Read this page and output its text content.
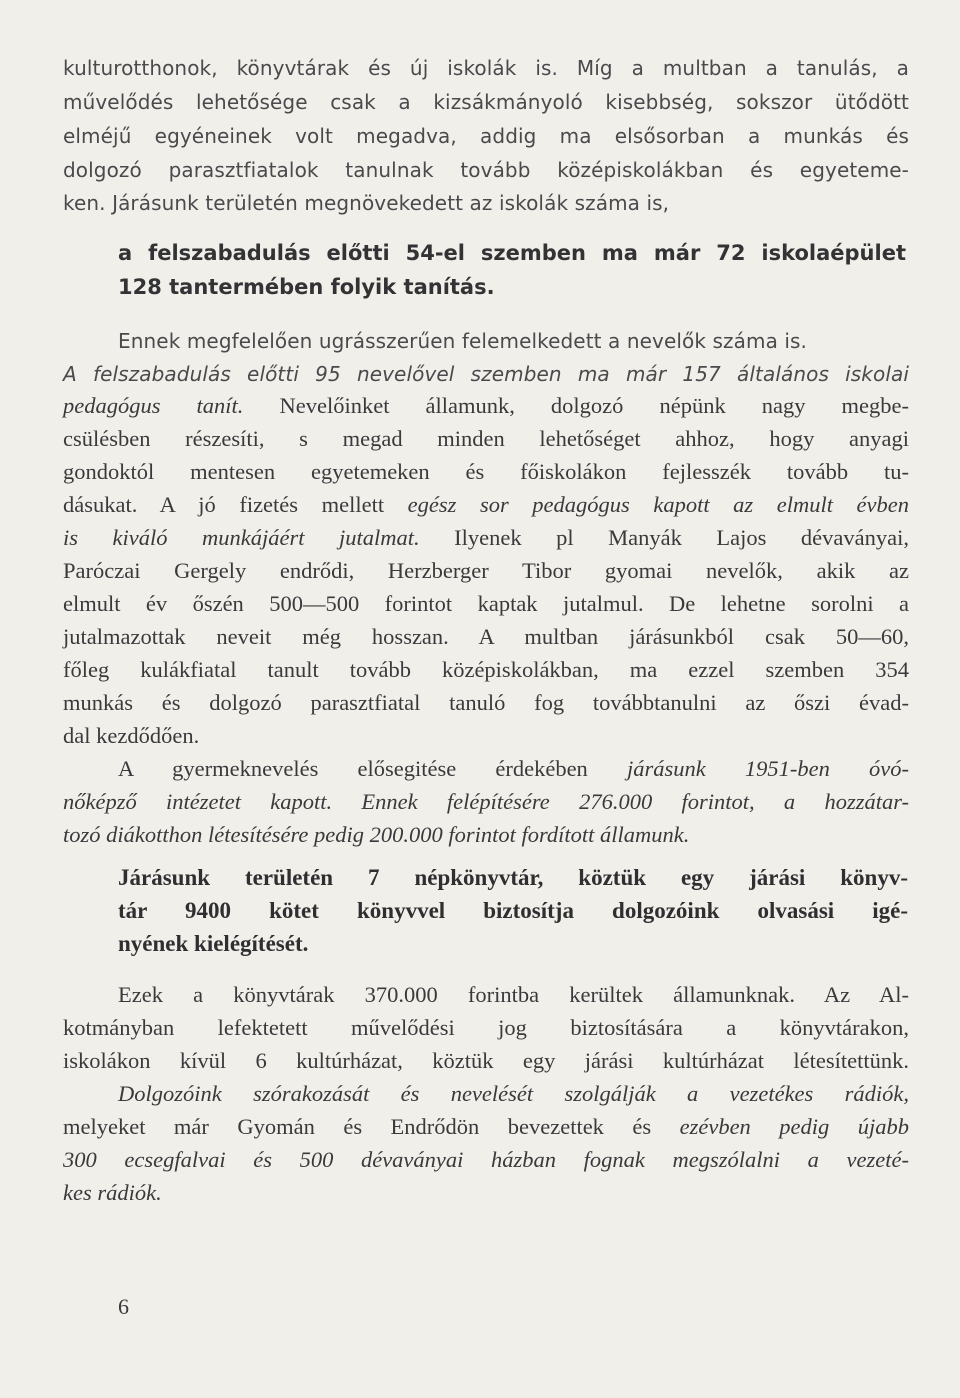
kulturotthonok, könyvtárak és új iskolák is. Míg a multban a tanulás, a

művelődés lehetősége csak a kizsákmányoló kisebbség, sokszor ütődött

elméjű egyéneinek volt megadva, addig ma elsősorban a munkás és

dolgozó parasztfiatalok tanulnak tovább középiskolákban és egyeteme-

ken. Járásunk területén megnövekedett az iskolák száma is,

a felszabadulás előtti 54-el szemben ma már 72 iskolaépület

128 tantermében folyik tanítás.

Ennek megfelelően ugrásszerűen felemelkedett a nevelők száma is.

A felszabadulás előtti 95 nevelővel szemben ma már 157 általános iskolai

pedagógus tanít. Nevelőinket államunk, dolgozó népünk nagy megbe-

csülésben részesíti, s megad minden lehetőséget ahhoz, hogy anyagi

gondoktól mentesen egyetemeken és főiskolákon fejlesszék tovább tu-

dásukat. A jó fizetés mellett egész sor pedagógus kapott az elmult évben

is kiváló munkájáért jutalmat. Ilyenek pl Manyák Lajos dévaványai,

Paróczai Gergely endrődi, Herzberger Tibor gyomai nevelők, akik az

elmult év őszén 500—500 forintot kaptak jutalmul. De lehetne sorolni a

jutalmazottak neveit még hosszan. A multban járásunkból csak 50—60,

főleg kulákfiatal tanult tovább középiskolákban, ma ezzel szemben 354

munkás és dolgozó parasztfiatal tanuló fog továbbtanulni az őszi évad-

dal kezdődően.

A gyermeknevelés elősegitése érdekében járásunk 1951-ben óvó-

nőképző intézetet kapott. Ennek felépítésére 276.000 forintot, a hozzátar-

tozó diákotthon létesítésére pedig 200.000 forintot fordított államunk.

Járásunk területén 7 népkönyvtár, köztük egy járási könyv-

tár 9400 kötet könyvvel biztosítja dolgozóink olvasási igé-

nyének kielégítését.

Ezek a könyvtárak 370.000 forintba kerültek államunknak. Az Al-

kotmányban lefektetett művelődési jog biztosítására a könyvtárakon,

iskolákon kívül 6 kultúrházat, köztük egy járási kultúrházat létesítettünk.

Dolgozóink szórakozását és nevelését szolgálják a vezetékes rádiók,

melyeket már Gyomán és Endrődön bevezettek és ezévben pedig újabb

300 ecsegfalvai és 500 dévaványai házban fognak megszólalni a vezeté-

kes rádiók.

6
